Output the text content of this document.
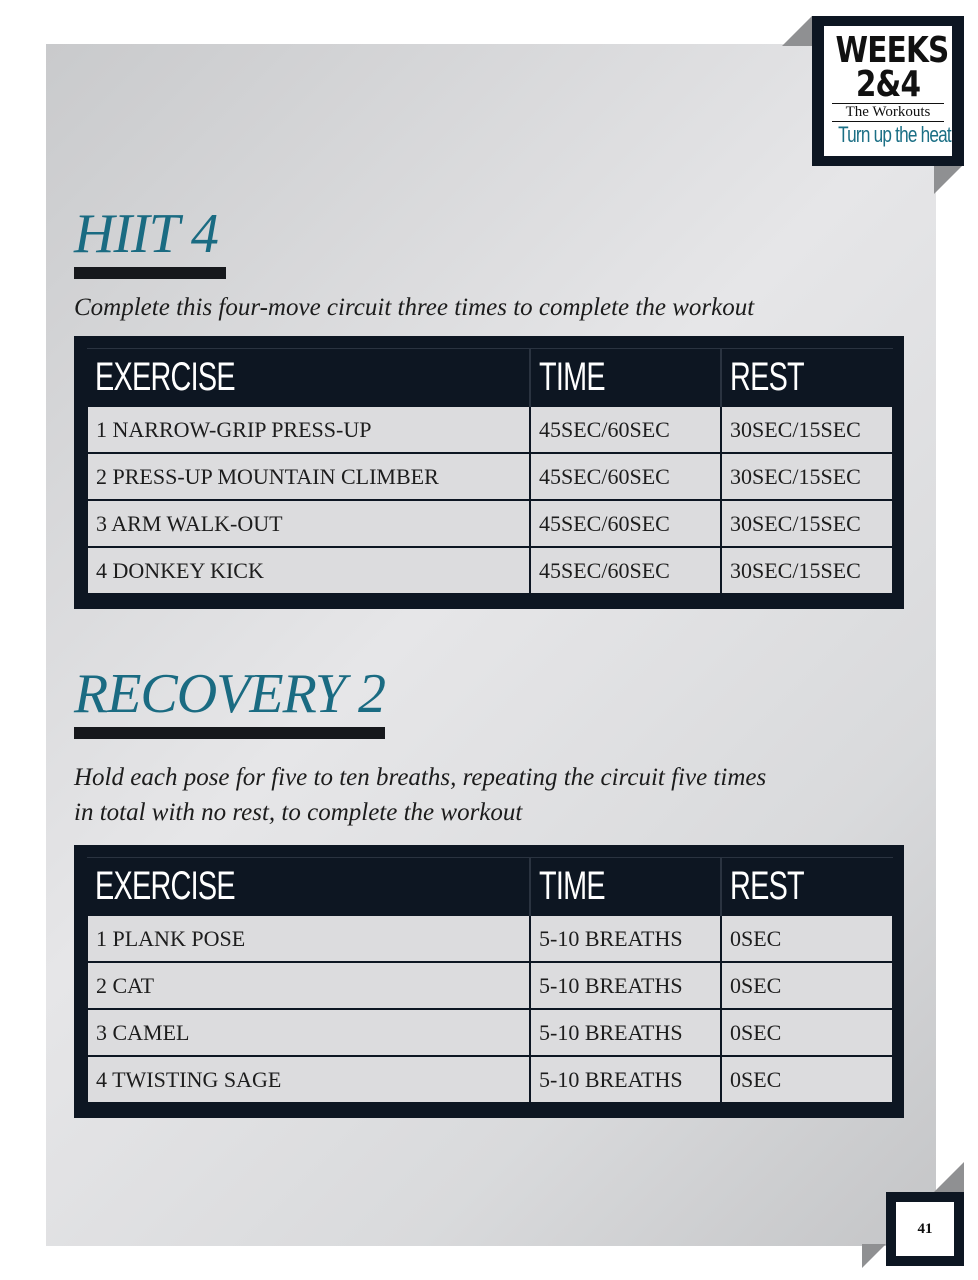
WEEKS
2&4
The Workouts
Turn up the heat
HIIT 4

Complete this four-move circuit three times to complete the workout

EXERCISE	TIME	REST
1 NARROW-GRIP PRESS-UP	45SEC/60SEC	30SEC/15SEC
2 PRESS-UP MOUNTAIN CLIMBER	45SEC/60SEC	30SEC/15SEC
3 ARM WALK-OUT	45SEC/60SEC	30SEC/15SEC
4 DONKEY KICK	45SEC/60SEC	30SEC/15SEC
RECOVERY 2

Hold each pose for five to ten breaths, repeating the circuit five times
in total with no rest, to complete the workout

EXERCISE	TIME	REST
1 PLANK POSE	5-10 BREATHS	0SEC
2 CAT	5-10 BREATHS	0SEC
3 CAMEL	5-10 BREATHS	0SEC
4 TWISTING SAGE	5-10 BREATHS	0SEC
41
